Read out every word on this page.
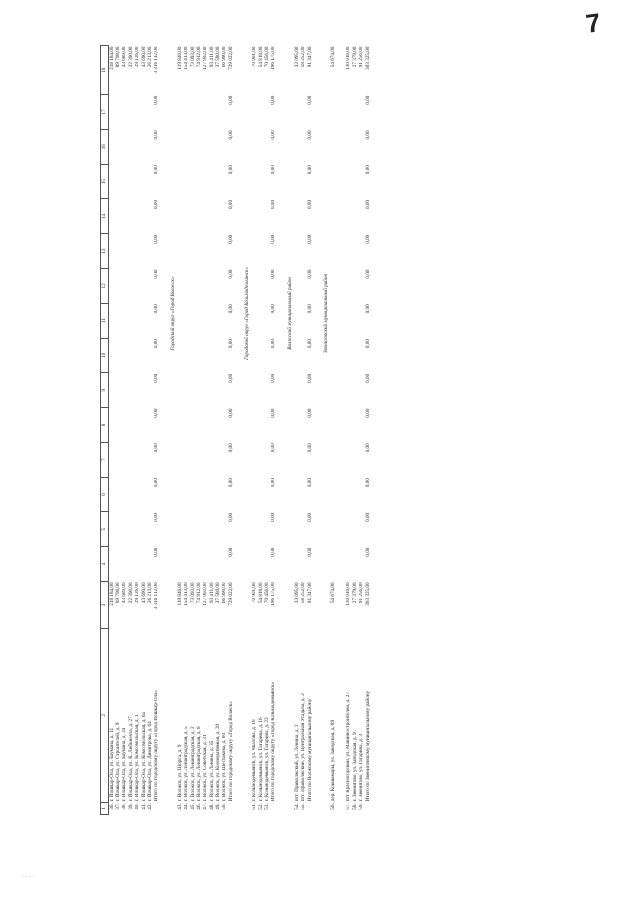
7
1	2	3	4	5	6	7	8	9	10	11	12	13	14	15	16	17	18
36.	г. Йошкар-Ола, ул. Баумана, д. 11	218 184,00															218 184,00
37.	г. Йошкар-Ола, ул. Строителей, д. 9	89 708,00															89 708,00
38.	г. Йошкар-Ола, ул. Баумана, д. 24	43 689,00															43 689,00
39.	г. Йошкар-Ола, ул. К. Либкнехта, д. 27	22 390,00															22 390,00
40.	г. Йошкар-Ола, ул. Комсомольская, д. 1	29 126,00															29 126,00
41.	г. Йошкар-Ола, ул. Комсомольская, д. 6а	43 690,00															43 690,00
42.	г. Йошкар-Ола, ул. Димитрова, д. 64	26 213,00															26 213,00
	Итого по городскому округу «Город Йошкар-Ола»	3 316 112,00	0,00	0,00	0,00	0,00	0,00	0,00	0,00	0,00	0,00	0,00	0,00	0,00	0,00	0,00	3 316 112,00

			Городской округ «Город Волжск»														
43.	г. Волжск, ул. Шорса, д. 9	119 846,00															119 846,00
44.	г. Волжск, ул. Ленинградская, д. 5	154 413,00															154 413,00
45.	г. Волжск, ул. Ленинградская, д. 2	73 093,00															73 093,00
46.	г. Волжск, ул. Ленинградская, д. 8	74 912,00															74 912,00
47.	г. Волжск, ул. Советская, д. 31	127 902,00															127 902,00
48.	г. Волжск, ул. Ленина, д. 35	93 411,00															93 411,00
49.	г. Волжск, ул. Кооперативная, д. 20	37 580,00															37 580,00
50.	г. Волжск, ул. Шестакова, д. 80	66 990,00															66 990,00
	Итого по городскому округу «Город Волжск»	729 022,00	0,00	0,00	0,00	0,00	0,00	0,00	0,00	0,00	0,00	0,00	0,00	0,00	0,00	0,00	729 022,00

			Городской округ «Город Козьмодемьянск»														
51.	г. Козьмодемьянск, ул. Чкалова, д. 18	70 901,00															70 901,00
52.	г. Козьмодемьянск, ул. Гагарина, д. 16	54 818,00															54 818,00
53.	г. Козьмодемьянск, ул. Гагарина, д. 23	70 456,00															70 456,00
	Итого по городскому округу «Город Козьмодемьянск»	196 175,00	0,00	0,00	0,00	0,00	0,00	0,00	0,00	0,00	0,00	0,00	0,00	0,00	0,00	0,00	196 175,00

			Волжский муниципальный район														
54.	пгт. Приволжский, ул. Ленина, д. 2	33 095,00															33 095,00
55.	пгт. Приволжский, ул. Центральная Усадьба, д. 2	58 252,00															58 252,00
	Итого по Волжскому муниципальному району	91 347,00	0,00	0,00	0,00	0,00	0,00	0,00	0,00	0,00	0,00	0,00	0,00	0,00	0,00	0,00	91 347,00

			Звениговский муниципальный район														
56.	дер. Кокшамары, ул. Заводская, д. 89	54 674,00															54 674,00

57.	пгт Красногорский, ул. Машиностроителей, д. 27	130 016,00															130 016,00
58.	г. Звенигово, ул. Заводская, д. 9	27 379,00															27 379,00
59.	г. Звенигово, ул. Гагарина, д. 3	91 256,00															91 256,00
	Итого по Звениговскому муниципальному району	303 325,00	0,00	0,00	0,00	0,00	0,00	0,00	0,00	0,00	0,00	0,00	0,00	0,00	0,00	0,00	303 325,00
· · · ·
